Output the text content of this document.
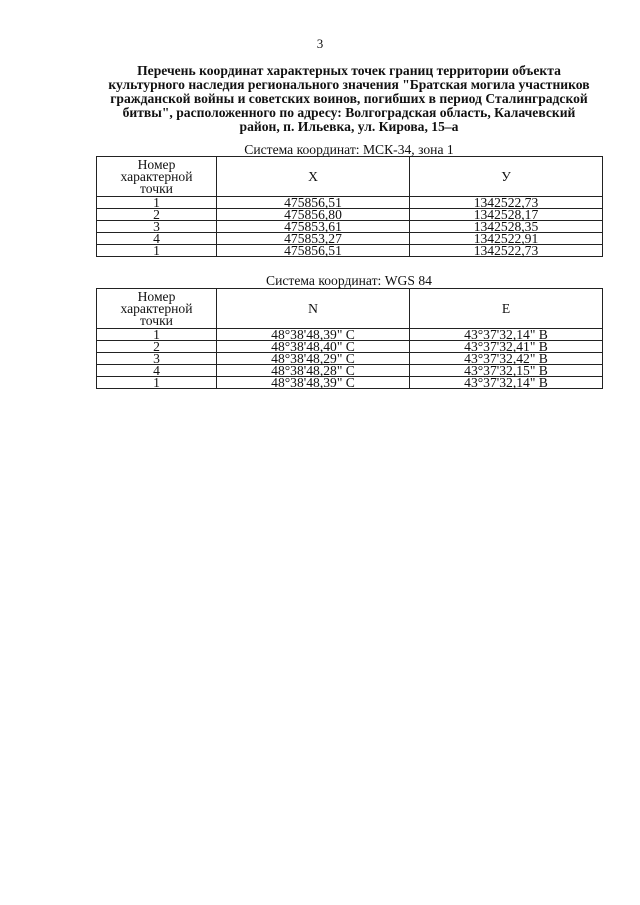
3
Перечень координат характерных точек границ территории объекта
культурного наследия регионального значения "Братская могила участников
гражданской войны и советских воинов, погибших в период Сталинградской
битвы", расположенного по адресу: Волгоградская область, Калачевский
район, п. Ильевка, ул. Кирова, 15–а
Система координат: МСК-34, зона 1
Номер
характерной
точки	X	У
1	475856,51	1342522,73
2	475856,80	1342528,17
3	475853,61	1342528,35
4	475853,27	1342522,91
1	475856,51	1342522,73
Система координат: WGS 84
Номер
характерной
точки	N	E
1	48°38'48,39" С	43°37'32,14" В
2	48°38'48,40" С	43°37'32,41" В
3	48°38'48,29" С	43°37'32,42" В
4	48°38'48,28" С	43°37'32,15" В
1	48°38'48,39" С	43°37'32,14" В
